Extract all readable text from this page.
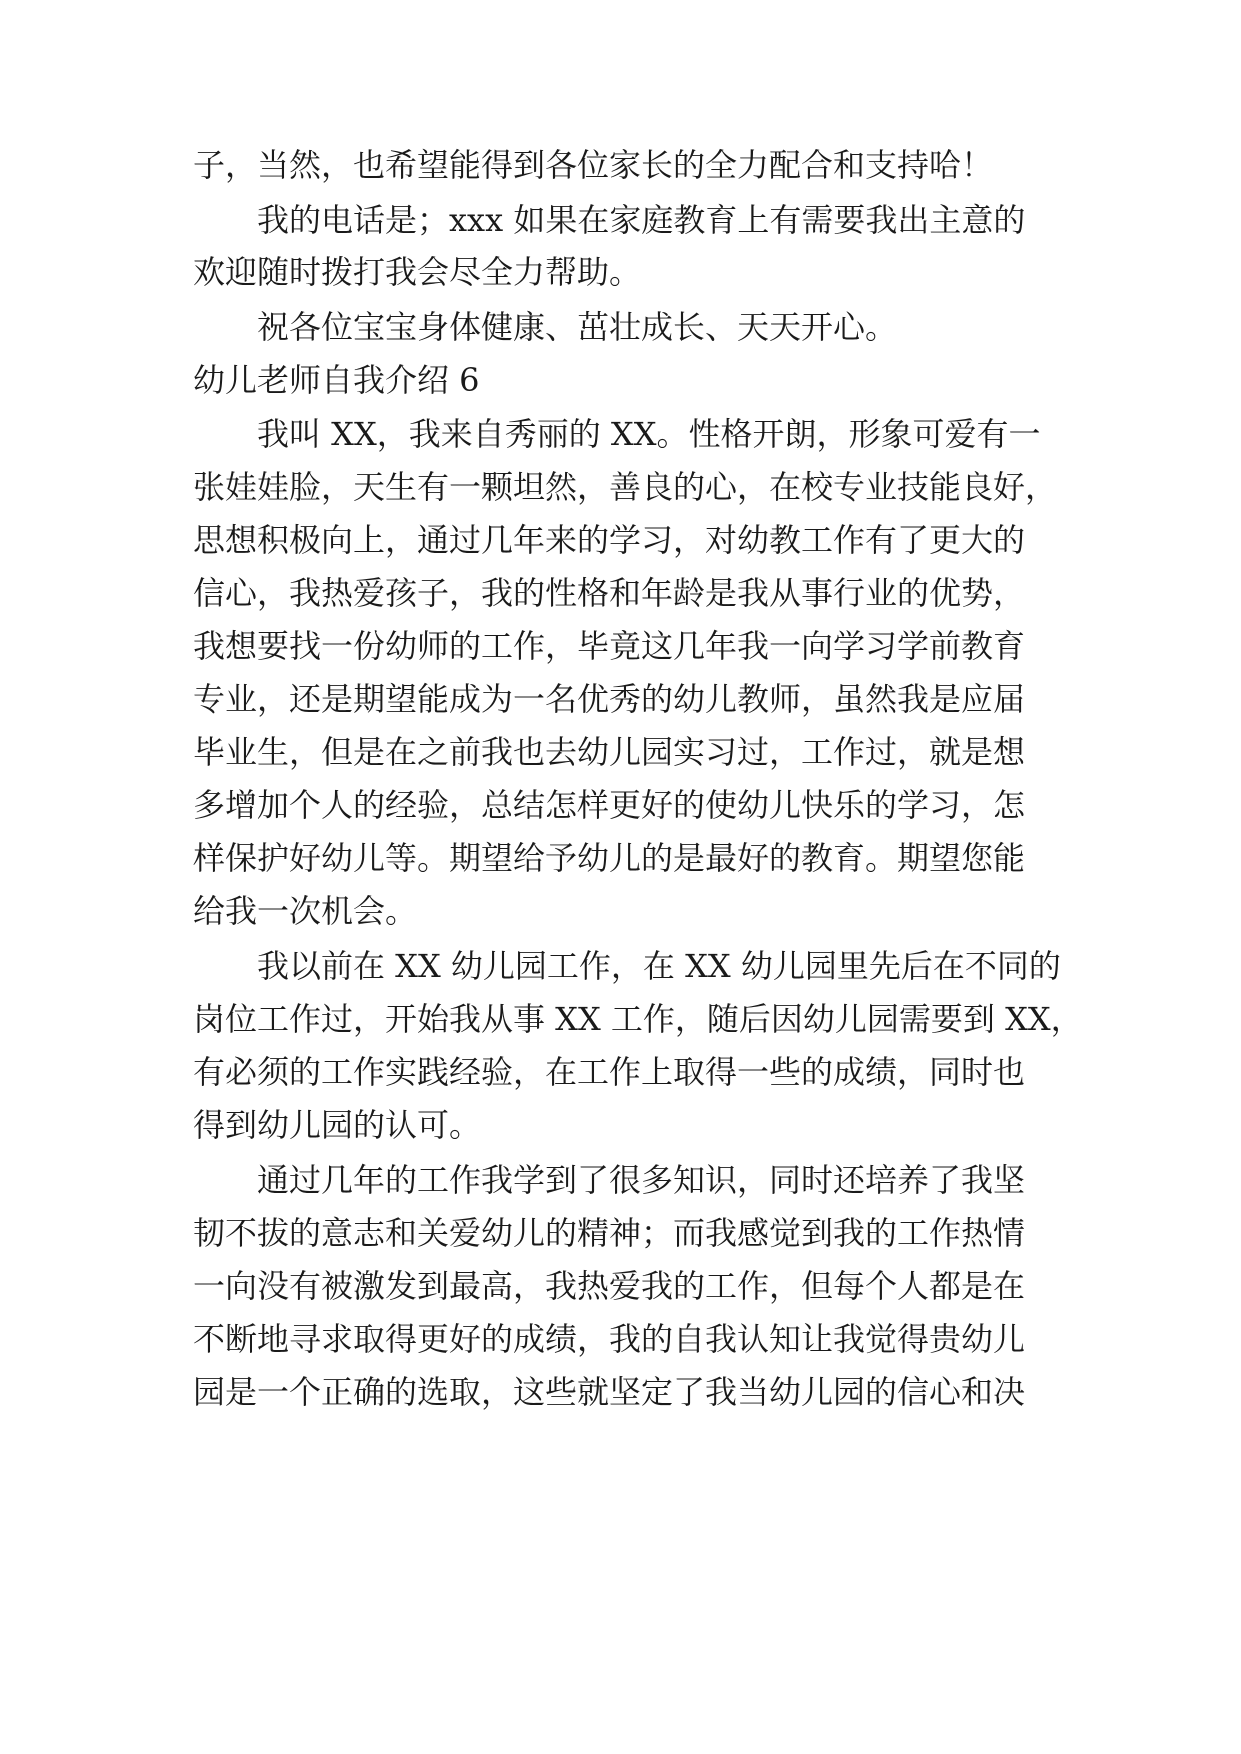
子，当然，也希望能得到各位家长的全力配合和支持哈！
我的电话是；xxx 如果在家庭教育上有需要我出主意的
欢迎随时拨打我会尽全力帮助。
祝各位宝宝身体健康、茁壮成长、天天开心。
幼儿老师自我介绍 6
我叫 XX，我来自秀丽的 XX。性格开朗，形象可爱有一
张娃娃脸，天生有一颗坦然，善良的心，在校专业技能良好，
思想积极向上，通过几年来的学习，对幼教工作有了更大的
信心，我热爱孩子，我的性格和年龄是我从事行业的优势，
我想要找一份幼师的工作，毕竟这几年我一向学习学前教育
专业，还是期望能成为一名优秀的幼儿教师，虽然我是应届
毕业生，但是在之前我也去幼儿园实习过，工作过，就是想
多增加个人的经验，总结怎样更好的使幼儿快乐的学习，怎
样保护好幼儿等。期望给予幼儿的是最好的教育。期望您能
给我一次机会。
我以前在 XX 幼儿园工作，在 XX 幼儿园里先后在不同的
岗位工作过，开始我从事 XX 工作，随后因幼儿园需要到 XX，
有必须的工作实践经验，在工作上取得一些的成绩，同时也
得到幼儿园的认可。
通过几年的工作我学到了很多知识，同时还培养了我坚
韧不拔的意志和关爱幼儿的精神；而我感觉到我的工作热情
一向没有被激发到最高，我热爱我的工作，但每个人都是在
不断地寻求取得更好的成绩，我的自我认知让我觉得贵幼儿
园是一个正确的选取，这些就坚定了我当幼儿园的信心和决
